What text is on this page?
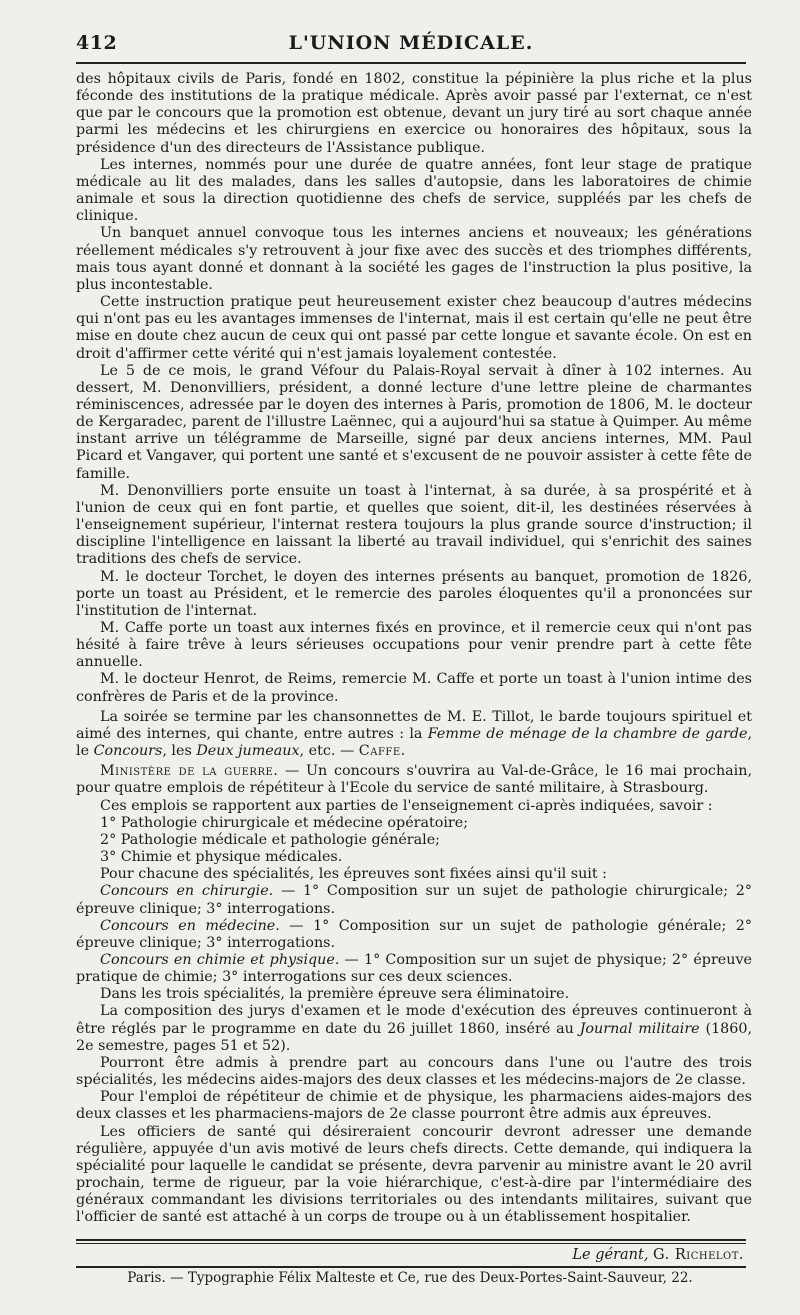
412	L'UNION MÉDICALE.

des hôpitaux civils de Paris, fondé en 1802, constitue la pépinière la plus riche et la plus féconde des institutions de la pratique médicale. Après avoir passé par l'externat, ce n'est que par le concours que la promotion est obtenue, devant un jury tiré au sort chaque année parmi les médecins et les chirurgiens en exercice ou honoraires des hôpitaux, sous la présidence d'un des directeurs de l'Assistance publique.

Les internes, nommés pour une durée de quatre années, font leur stage de pratique médicale au lit des malades, dans les salles d'autopsie, dans les laboratoires de chimie animale et sous la direction quotidienne des chefs de service, suppléés par les chefs de clinique.

Un banquet annuel convoque tous les internes anciens et nouveaux; les générations réellement médicales s'y retrouvent à jour fixe avec des succès et des triomphes différents, mais tous ayant donné et donnant à la société les gages de l'instruction la plus positive, la plus incontestable.

Cette instruction pratique peut heureusement exister chez beaucoup d'autres médecins qui n'ont pas eu les avantages immenses de l'internat, mais il est certain qu'elle ne peut être mise en doute chez aucun de ceux qui ont passé par cette longue et savante école. On est en droit d'affirmer cette vérité qui n'est jamais loyalement contestée.

Le 5 de ce mois, le grand Véfour du Palais-Royal servait à dîner à 102 internes. Au dessert, M. Denonvilliers, président, a donné lecture d'une lettre pleine de charmantes réminiscences, adressée par le doyen des internes à Paris, promotion de 1806, M. le docteur de Kergaradec, parent de l'illustre Laënnec, qui a aujourd'hui sa statue à Quimper. Au même instant arrive un télégramme de Marseille, signé par deux anciens internes, MM. Paul Picard et Vangaver, qui portent une santé et s'excusent de ne pouvoir assister à cette fête de famille.

M. Denonvilliers porte ensuite un toast à l'internat, à sa durée, à sa prospérité et à l'union de ceux qui en font partie, et quelles que soient, dit-il, les destinées réservées à l'enseignement supérieur, l'internat restera toujours la plus grande source d'instruction; il discipline l'intelligence en laissant la liberté au travail individuel, qui s'enrichit des saines traditions des chefs de service.

M. le docteur Torchet, le doyen des internes présents au banquet, promotion de 1826, porte un toast au Président, et le remercie des paroles éloquentes qu'il a prononcées sur l'institution de l'internat.

M. Caffe porte un toast aux internes fixés en province, et il remercie ceux qui n'ont pas hésité à faire trêve à leurs sérieuses occupations pour venir prendre part à cette fête annuelle.

M. le docteur Henrot, de Reims, remercie M. Caffe et porte un toast à l'union intime des confrères de Paris et de la province.

La soirée se termine par les chansonnettes de M. E. Tillot, le barde toujours spirituel et aimé des internes, qui chante, entre autres : la Femme de ménage de la chambre de garde, le Concours, les Deux jumeaux, etc. — Caffe.

Ministère de la guerre. — Un concours s'ouvrira au Val-de-Grâce, le 16 mai prochain, pour quatre emplois de répétiteur à l'Ecole du service de santé militaire, à Strasbourg.

Ces emplois se rapportent aux parties de l'enseignement ci-après indiquées, savoir :

1° Pathologie chirurgicale et médecine opératoire;

2° Pathologie médicale et pathologie générale;

3° Chimie et physique médicales.

Pour chacune des spécialités, les épreuves sont fixées ainsi qu'il suit :

Concours en chirurgie. — 1° Composition sur un sujet de pathologie chirurgicale; 2° épreuve clinique; 3° interrogations.

Concours en médecine. — 1° Composition sur un sujet de pathologie générale; 2° épreuve clinique; 3° interrogations.

Concours en chimie et physique. — 1° Composition sur un sujet de physique; 2° épreuve pratique de chimie; 3° interrogations sur ces deux sciences.

Dans les trois spécialités, la première épreuve sera éliminatoire.

La composition des jurys d'examen et le mode d'exécution des épreuves continueront à être réglés par le programme en date du 26 juillet 1860, inséré au Journal militaire (1860, 2e semestre, pages 51 et 52).

Pourront être admis à prendre part au concours dans l'une ou l'autre des trois spécialités, les médecins aides-majors des deux classes et les médecins-majors de 2e classe.

Pour l'emploi de répétiteur de chimie et de physique, les pharmaciens aides-majors des deux classes et les pharmaciens-majors de 2e classe pourront être admis aux épreuves.

Les officiers de santé qui désireraient concourir devront adresser une demande régulière, appuyée d'un avis motivé de leurs chefs directs. Cette demande, qui indiquera la spécialité pour laquelle le candidat se présente, devra parvenir au ministre avant le 20 avril prochain, terme de rigueur, par la voie hiérarchique, c'est-à-dire par l'intermédiaire des généraux commandant les divisions territoriales ou des intendants militaires, suivant que l'officier de santé est attaché à un corps de troupe ou à un établissement hospitalier.

Le gérant, G. Richelot.
Paris. — Typographie Félix Malteste et Ce, rue des Deux-Portes-Saint-Sauveur, 22.
